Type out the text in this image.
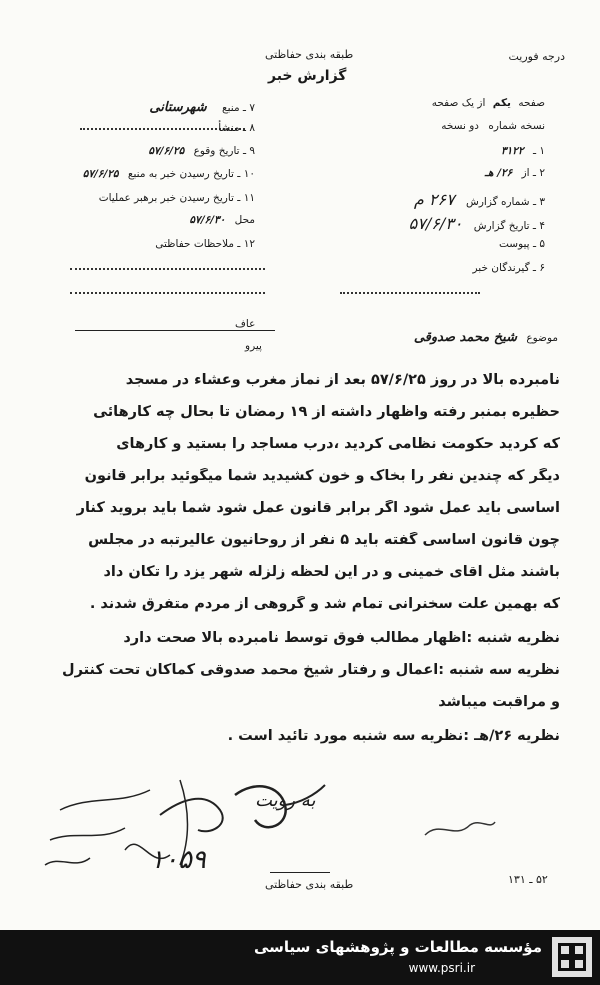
طبقه بندی حفاظتی
گزارش خبر
درجه فوریت
۷ ـ منبع شهرستانی
۸ ـ منشأ
۹ ـ تاریخ وقوع ۵۷/۶/۲۵
۱۰ ـ تاریخ رسیدن خبر به منبع ۵۷/۶/۲۵
۱۱ ـ تاریخ رسیدن خبر برهبر عملیات
محل ۵۷/۶/۳۰
۱۲ ـ ملاحظات حفاظتی
صفحه یکم از یک صفحه
نسخه شماره دو نسخه
۱ ـ ۳۱۲۲
۲ ـ از ۲۶/ هـ
۳ ـ شماره گزارش ۲۶۷ م
۴ ـ تاریخ گزارش ۵۷/۶/۳۰
۵ ـ پیوست
۶ ـ گیرندگان خبر
عاف
پیرو
موضوع شیخ محمد صدوقی
نامبرده بالا در روز ۵۷/۶/۲۵ بعد از نماز مغرب وعشاء در مسجد
حظیره بمنبر رفته واظهار داشته از ۱۹ رمضان تا بحال چه کارهائی
که کردید حکومت نظامی کردید ،درب مساجد را بستید و کارهای
دیگر که چندین نفر را بخاک و خون کشیدید شما میگوئید برابر قانون
اساسی باید عمل شود اگر برابر قانون عمل شود شما باید بروید کنار
چون قانون اساسی گفته باید ۵ نفر از روحانیون عالیرتبه در مجلس
باشند مثل آقای خمینی و در این لحظه زلزله شهر یزد را تکان داد
که بهمین علت سخنرانی تمام شد و گروهی از مردم متفرق شدند .
نظریه شنبه :اظهار مطالب فوق توسط نامبرده بالا صحت دارد
نظریه سه شنبه :اعمال و رفتار شیخ محمد صدوقی کماکان تحت کنترل
و مراقبت میباشد
نظریه ۲۶/هـ :نظریه سه شنبه مورد تائید است .
۱۰۵۹
به رویت
طبقه بندی حفاظتی	۵۲ ـ ۱۳۱
مؤسسه مطالعات و پژوهشهای سیاسی
www.psri.ir
